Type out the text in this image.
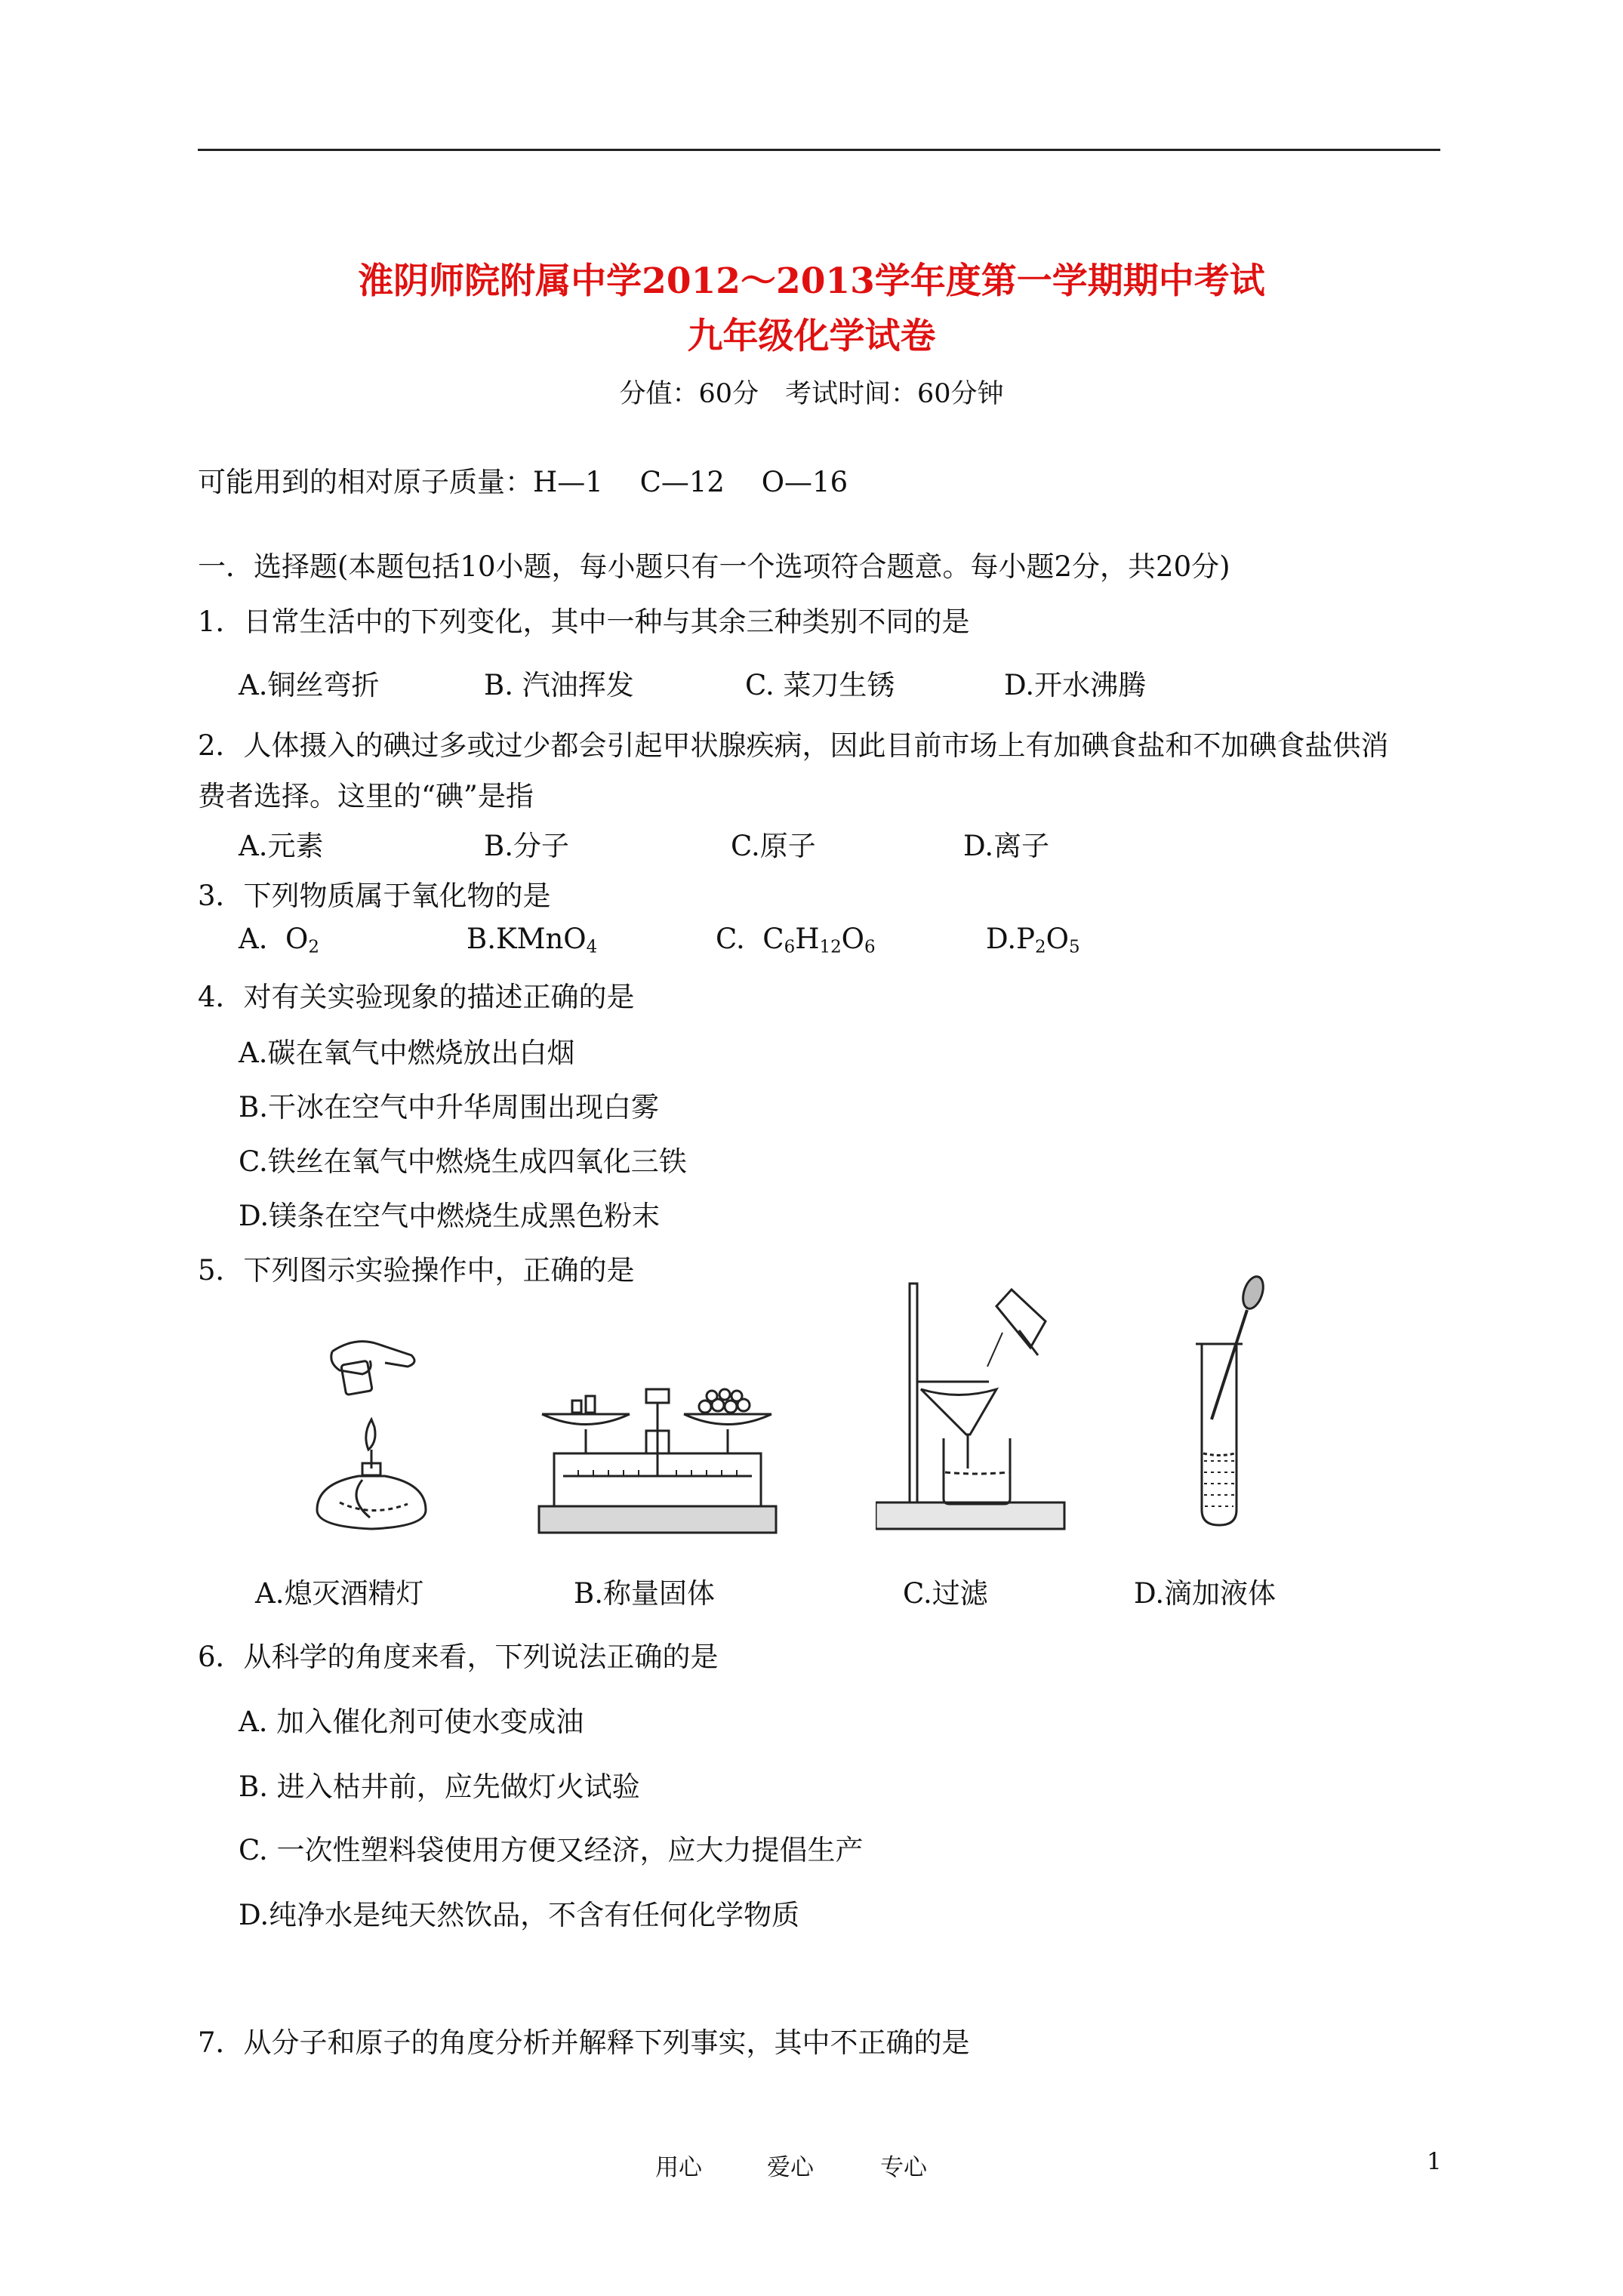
淮阴师院附属中学2012～2013学年度第一学期期中考试
九年级化学试卷
分值：60分　考试时间：60分钟
可能用到的相对原子质量：H—1　 C—12　 O—16
一．选择题(本题包括10小题，每小题只有一个选项符合题意。每小题2分，共20分)
1．日常生活中的下列变化，其中一种与其余三种类别不同的是
A.铜丝弯折	B. 汽油挥发	C. 菜刀生锈	D.开水沸腾
2．人体摄入的碘过多或过少都会引起甲状腺疾病，因此目前市场上有加碘食盐和不加碘食盐供消
费者选择。这里的“碘”是指
A.元素	B.分子	C.原子	D.离子
3．下列物质属于氧化物的是
A. $O_2$	B.KMnO$_4$	C. $C_6H_{12}O_6$	$D.P_2O_5$
4．对有关实验现象的描述正确的是
A.碳在氧气中燃烧放出白烟
B.干冰在空气中升华周围出现白雾
C.铁丝在氧气中燃烧生成四氧化三铁
D.镁条在空气中燃烧生成黑色粉末
5．下列图示实验操作中，正确的是
A.熄灭酒精灯	B.称量固体	C.过滤	D.滴加液体
6．从科学的角度来看，下列说法正确的是
A. 加入催化剂可使水变成油
B. 进入枯井前，应先做灯火试验
C. 一次性塑料袋使用方便又经济，应大力提倡生产
D.纯净水是纯天然饮品，不含有任何化学物质
7．从分子和原子的角度分析并解释下列事实，其中不正确的是
用心	爱心	专心	1
